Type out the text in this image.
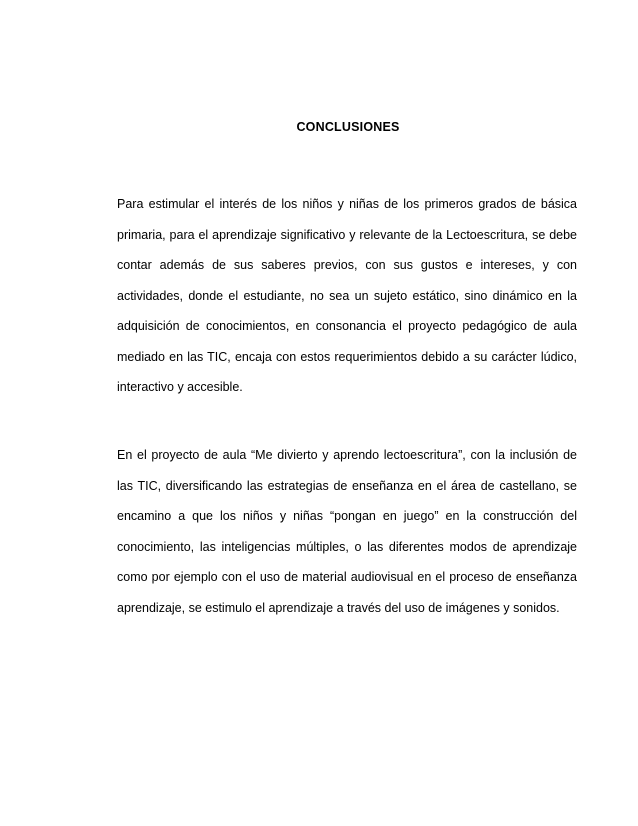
CONCLUSIONES

Para estimular el interés de los niños y niñas de los primeros grados de básica
primaria, para el aprendizaje significativo y relevante de la Lectoescritura, se debe
contar además de sus saberes previos, con sus gustos e intereses, y con
actividades, donde el estudiante, no sea un sujeto estático, sino dinámico en la
adquisición de conocimientos, en consonancia el proyecto pedagógico de aula
mediado en las TIC, encaja con estos requerimientos debido a su carácter lúdico,
interactivo y accesible.

En el proyecto de aula “Me divierto y aprendo lectoescritura”, con la inclusión de
las TIC, diversificando las estrategias de enseñanza en el área de castellano, se
encamino a que los niños y niñas “pongan en juego” en la construcción del
conocimiento, las inteligencias múltiples, o las diferentes modos de aprendizaje
como por ejemplo con el uso de material audiovisual en el proceso de enseñanza
aprendizaje, se estimulo el aprendizaje a través del uso de imágenes y sonidos.
